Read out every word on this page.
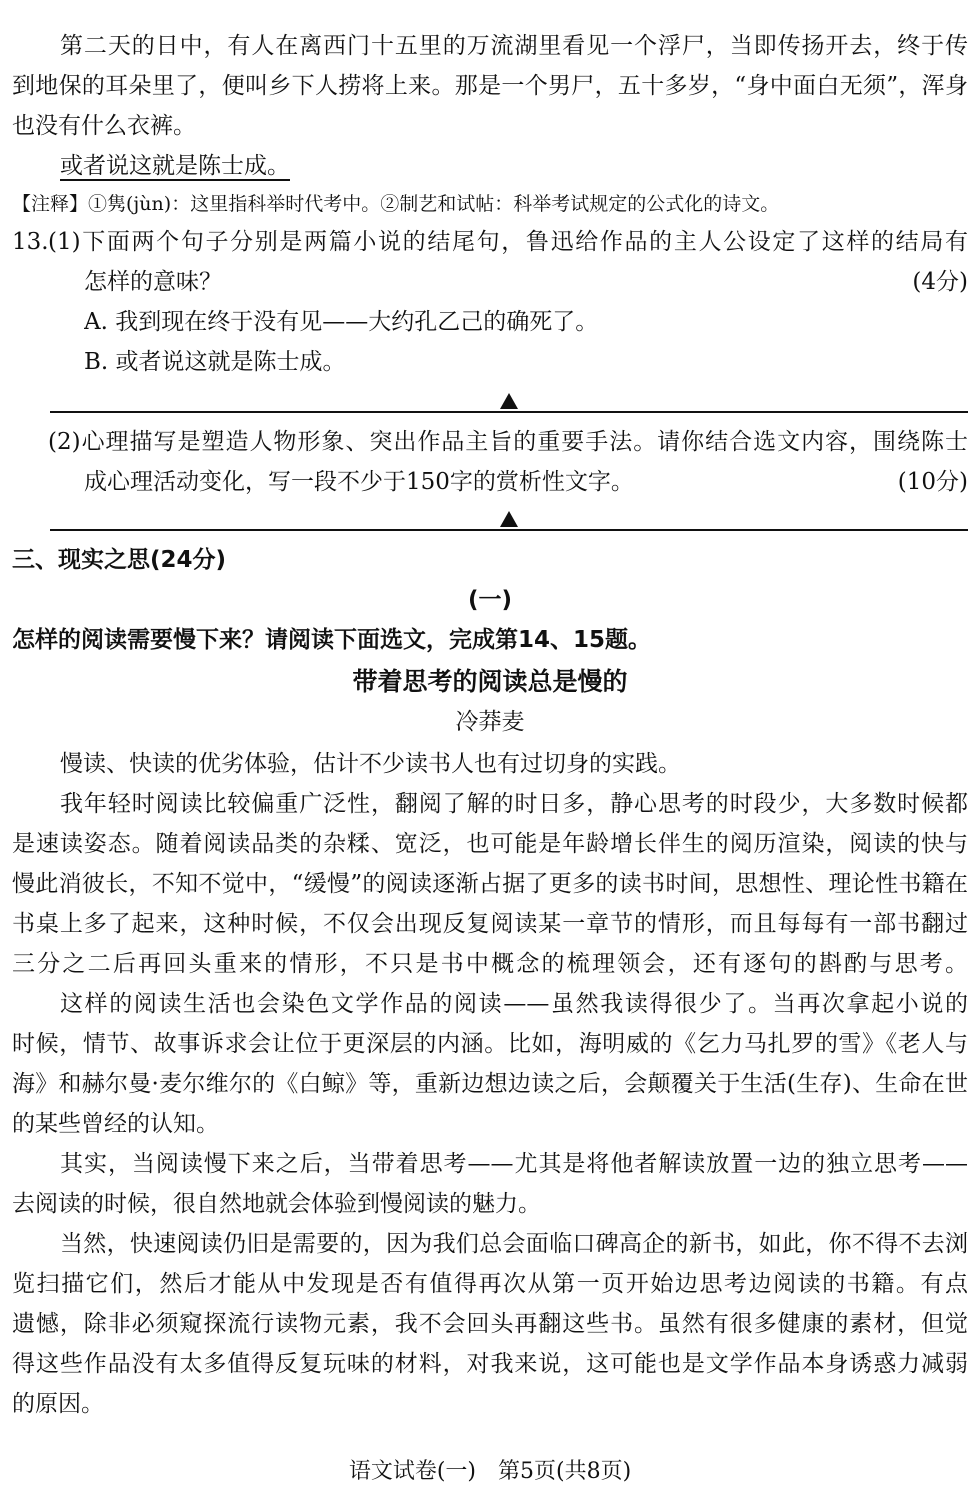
第二天的日中，有人在离西门十五里的万流湖里看见一个浮尸，当即传扬开去，终于传
到地保的耳朵里了，便叫乡下人捞将上来。那是一个男尸，五十多岁，“身中面白无须”，浑身
也没有什么衣裤。
或者说这就是陈士成。
【注释】①隽(jùn)：这里指科举时代考中。②制艺和试帖：科举考试规定的公式化的诗文。
13. (1)下面两个句子分别是两篇小说的结尾句，鲁迅给作品的主人公设定了这样的结局有
怎样的意味？	(4分)
A. 我到现在终于没有见——大约孔乙己的确死了。
B. 或者说这就是陈士成。
(2)心理描写是塑造人物形象、突出作品主旨的重要手法。请你结合选文内容，围绕陈士
成心理活动变化，写一段不少于150字的赏析性文字。	(10分)
三、现实之思(24分)
(一)
怎样的阅读需要慢下来？请阅读下面选文，完成第14、15题。
带着思考的阅读总是慢的
冷莽麦
慢读、快读的优劣体验，估计不少读书人也有过切身的实践。
我年轻时阅读比较偏重广泛性，翻阅了解的时日多，静心思考的时段少，大多数时候都
是速读姿态。随着阅读品类的杂糅、宽泛，也可能是年龄增长伴生的阅历渲染，阅读的快与
慢此消彼长，不知不觉中，“缓慢”的阅读逐渐占据了更多的读书时间，思想性、理论性书籍在
书桌上多了起来，这种时候，不仅会出现反复阅读某一章节的情形，而且每每有一部书翻过
三分之二后再回头重来的情形，不只是书中概念的梳理领会，还有逐句的斟酌与思考。
这样的阅读生活也会染色文学作品的阅读——虽然我读得很少了。当再次拿起小说的
时候，情节、故事诉求会让位于更深层的内涵。比如，海明威的《乞力马扎罗的雪》《老人与
海》和赫尔曼·麦尔维尔的《白鲸》等，重新边想边读之后，会颠覆关于生活(生存)、生命在世
的某些曾经的认知。
其实，当阅读慢下来之后，当带着思考——尤其是将他者解读放置一边的独立思考——
去阅读的时候，很自然地就会体验到慢阅读的魅力。
当然，快速阅读仍旧是需要的，因为我们总会面临口碑高企的新书，如此，你不得不去浏
览扫描它们，然后才能从中发现是否有值得再次从第一页开始边思考边阅读的书籍。有点
遗憾，除非必须窥探流行读物元素，我不会回头再翻这些书。虽然有很多健康的素材，但觉
得这些作品没有太多值得反复玩味的材料，对我来说，这可能也是文学作品本身诱惑力减弱
的原因。
语文试卷(一)　第5页(共8页)
